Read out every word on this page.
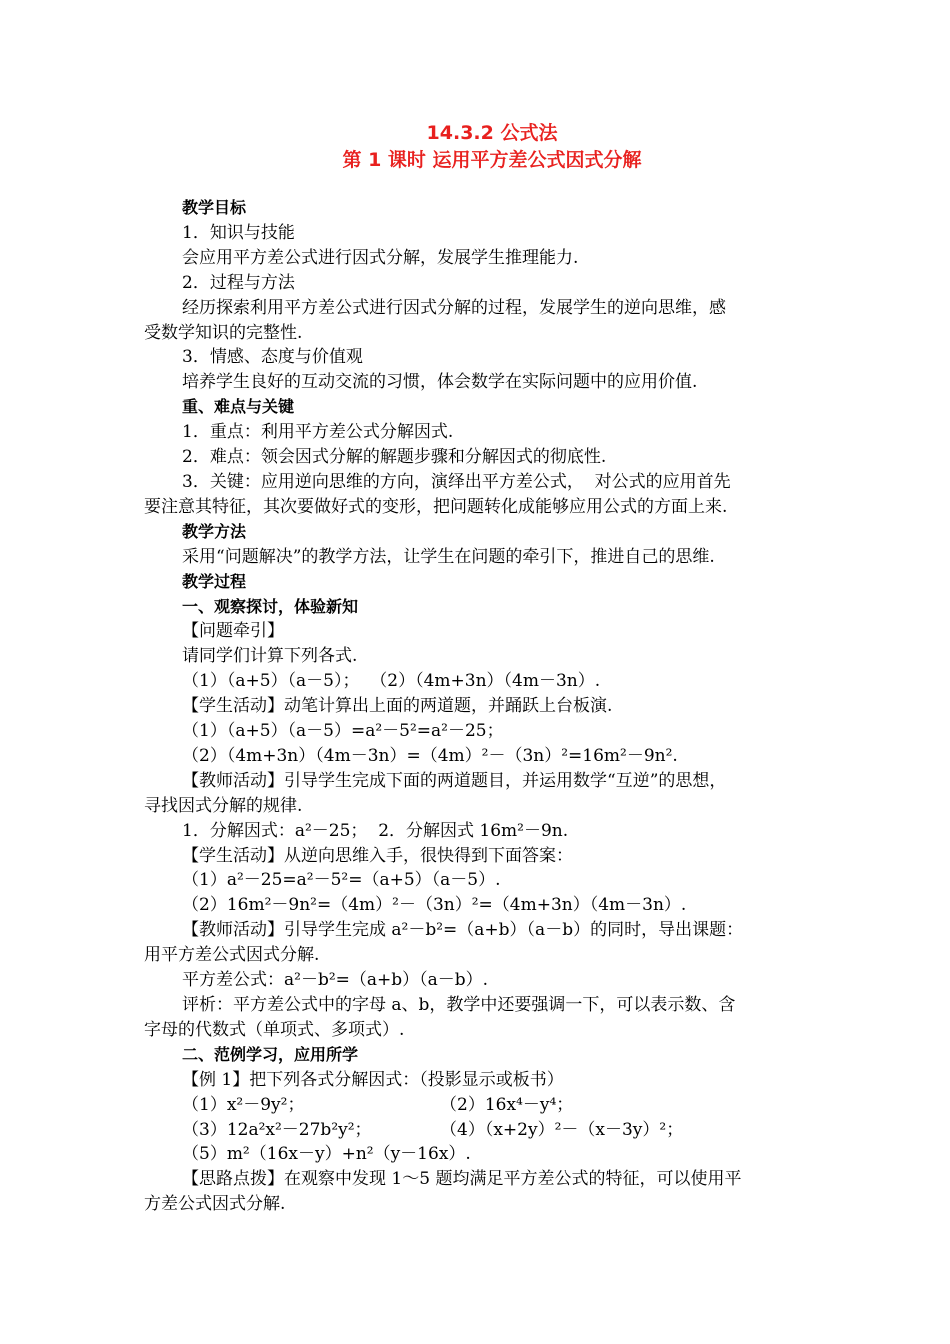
14.3.2 公式法
第 1 课时 运用平方差公式因式分解
教学目标
1．知识与技能
会应用平方差公式进行因式分解，发展学生推理能力.
2．过程与方法
经历探索利用平方差公式进行因式分解的过程，发展学生的逆向思维，感
受数学知识的完整性.
3．情感、态度与价值观
培养学生良好的互动交流的习惯，体会数学在实际问题中的应用价值.
重、难点与关键
1．重点：利用平方差公式分解因式.
2．难点：领会因式分解的解题步骤和分解因式的彻底性.
3．关键：应用逆向思维的方向，演绎出平方差公式，  对公式的应用首先
要注意其特征，其次要做好式的变形，把问题转化成能够应用公式的方面上来.
教学方法
采用“问题解决”的教学方法，让学生在问题的牵引下，推进自己的思维.
教学过程
一、观察探讨，体验新知
【问题牵引】
请同学们计算下列各式.
（1）（a+5）（a－5）；  （2）（4m+3n）（4m－3n）.
【学生活动】动笔计算出上面的两道题，并踊跃上台板演.
（1）（a+5）（a－5）=a²－5²=a²－25；
（2）（4m+3n）（4m－3n）=（4m）²－（3n）²=16m²－9n².
【教师活动】引导学生完成下面的两道题目，并运用数学“互逆”的思想，
寻找因式分解的规律.
1．分解因式：a²－25；  2．分解因式 16m²－9n.
【学生活动】从逆向思维入手，很快得到下面答案：
（1）a²－25=a²－5²=（a+5）（a－5）.
（2）16m²－9n²=（4m）²－（3n）²=（4m+3n）（4m－3n）.
【教师活动】引导学生完成 a²－b²=（a+b）（a－b）的同时，导出课题：
用平方差公式因式分解.
平方差公式：a²－b²=（a+b）（a－b）.
评析：平方差公式中的字母 a、b，教学中还要强调一下，可以表示数、含
字母的代数式（单项式、多项式）.
二、范例学习，应用所学
【例 1】把下列各式分解因式：（投影显示或板书）
（1）x²－9y²；	（2）16x⁴－y⁴；
（3）12a²x²－27b²y²；	（4）（x+2y）²－（x－3y）²；
（5）m²（16x－y）+n²（y－16x）.
【思路点拨】在观察中发现 1～5 题均满足平方差公式的特征，可以使用平
方差公式因式分解.
